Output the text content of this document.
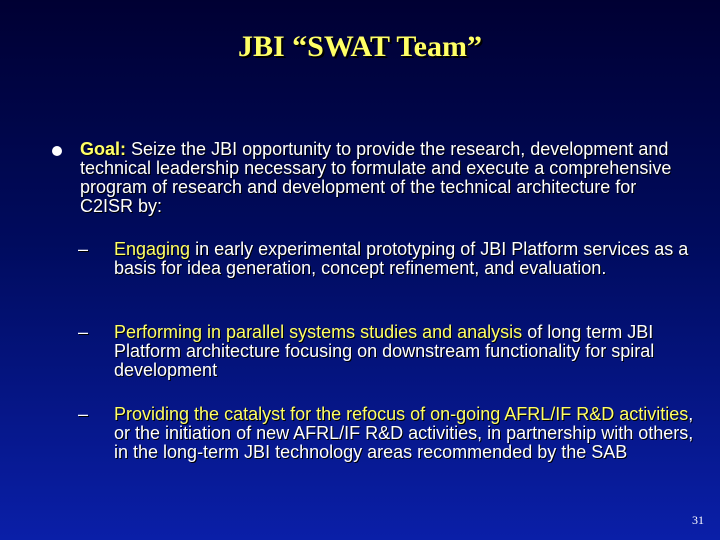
JBI “SWAT Team”
Goal: Seize the JBI opportunity to provide the research, development and technical leadership necessary to formulate and execute a comprehensive program of research and development of the technical architecture for C2ISR by:
–	Engaging in early experimental prototyping of JBI Platform services as a basis for idea generation, concept refinement, and evaluation.
–	Performing in parallel systems studies and analysis of long term JBI Platform architecture focusing on downstream functionality for spiral development
–	Providing the catalyst for the refocus of on-going AFRL/IF R&D activities, or the initiation of new AFRL/IF R&D activities, in partnership with others, in the long-term JBI technology areas recommended by the SAB
31
